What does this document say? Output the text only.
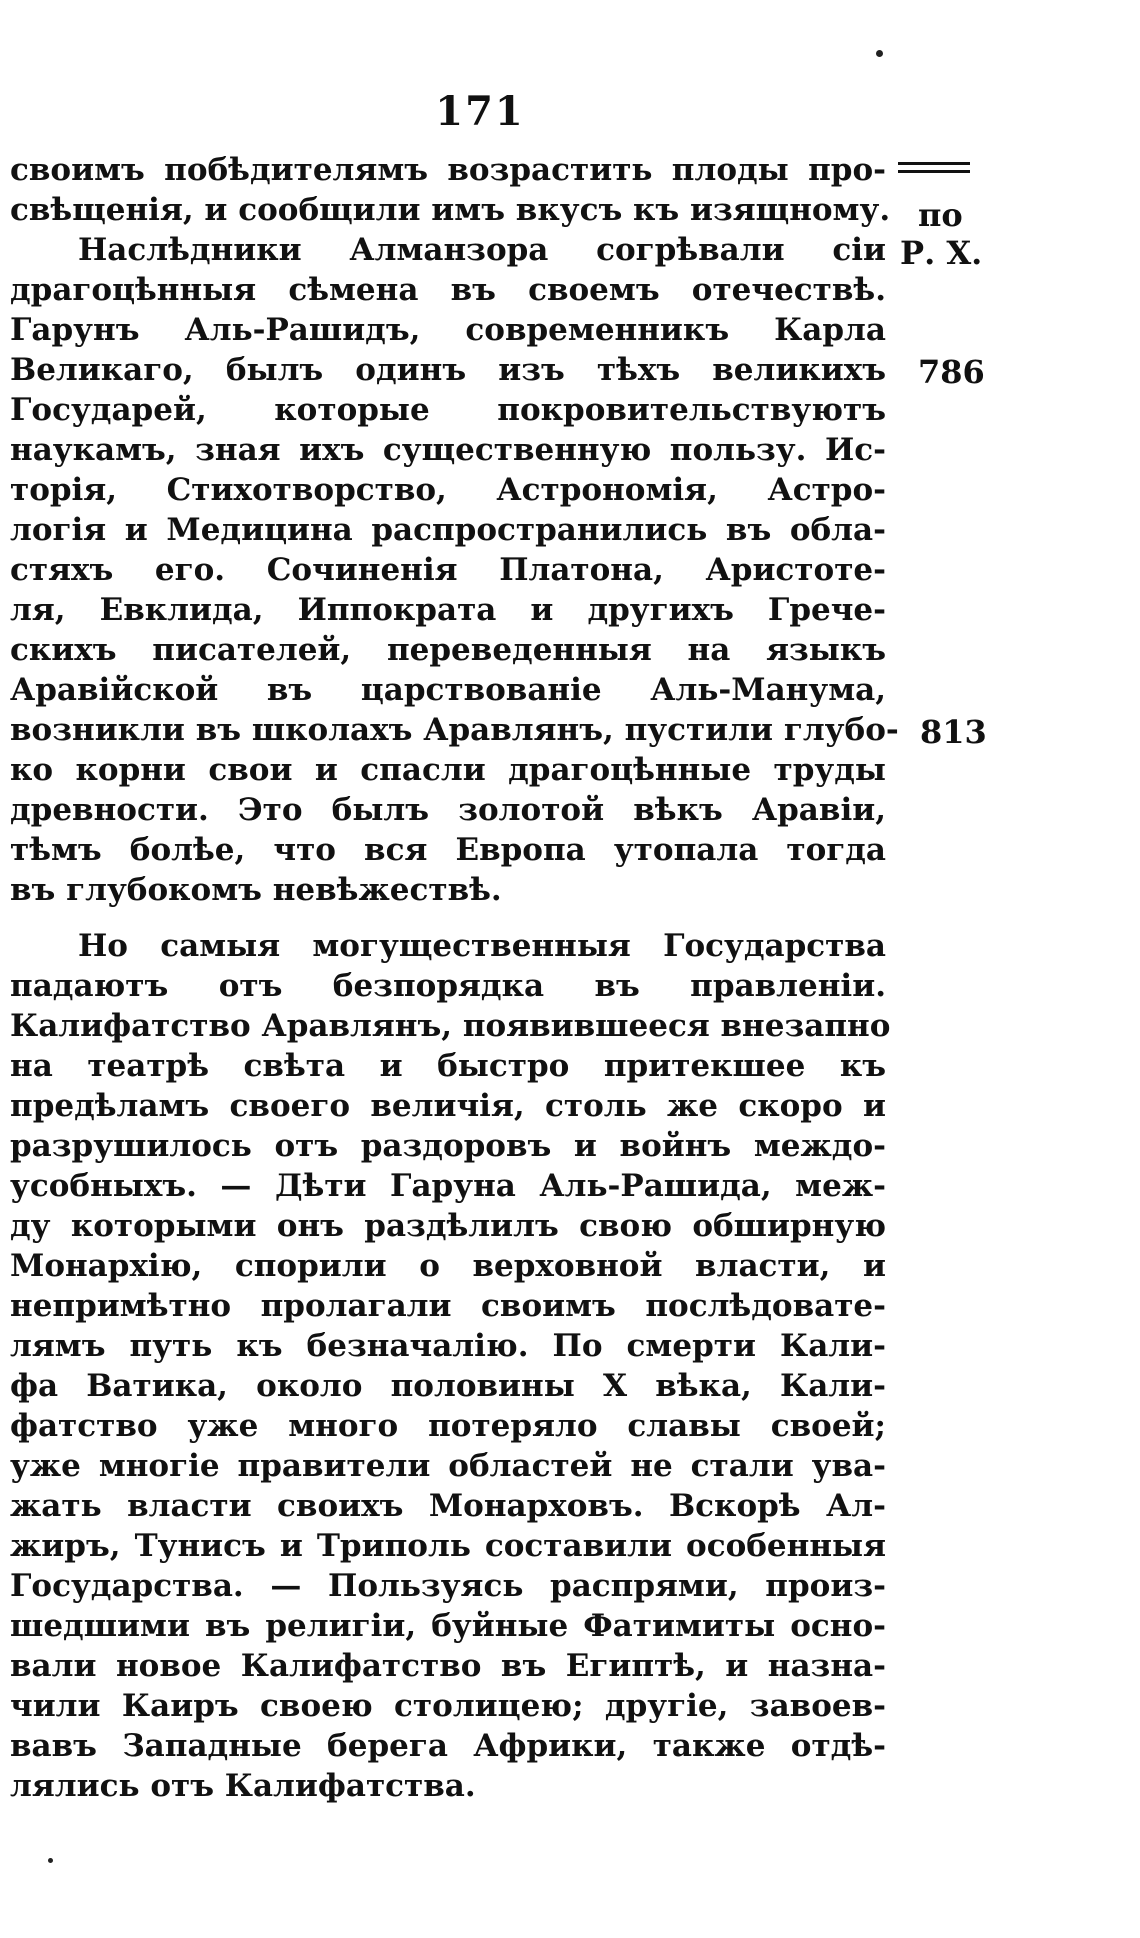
171
по
Р. Х.
786
813
своимъ побѣдителямъ возрастить плоды про-
свѣщенія, и сообщили имъ вкусъ къ изящному.
Наслѣдники Алманзора согрѣвали сіи
драгоцѣнныя сѣмена въ своемъ отечествѣ.
Гарунъ Аль-Рашидъ, современникъ Карла
Великаго, былъ одинъ изъ тѣхъ великихъ
Государей, которые покровительствуютъ
наукамъ, зная ихъ существенную пользу. Ис-
торія, Стихотворство, Астрономія, Астро-
логія и Медицина распространились въ обла-
стяхъ его. Сочиненія Платона, Аристоте-
ля, Евклида, Иппократа и другихъ Грече-
скихъ писателей, переведенныя на языкъ
Аравійской въ царствованіе Аль-Манума,
возникли въ школахъ Аравлянъ, пустили глубо-
ко корни свои и спасли драгоцѣнные труды
древности. Это былъ золотой вѣкъ Аравіи,
тѣмъ болѣе, что вся Европа утопала тогда
въ глубокомъ невѣжествѣ.
Но самыя могущественныя Государства
падаютъ отъ безпорядка въ правленіи.
Калифатство Аравлянъ, появившееся внезапно
на театрѣ свѣта и быстро притекшее къ
предѣламъ своего величія, столь же скоро и
разрушилось отъ раздоровъ и войнъ междо-
усобныхъ. — Дѣти Гаруна Аль-Рашида, меж-
ду которыми онъ раздѣлилъ свою обширную
Монархію, спорили о верховной власти, и
непримѣтно пролагали своимъ послѣдовате-
лямъ путь къ безначалію. По смерти Кали-
фа Ватика, около половины X вѣка, Кали-
фатство уже много потеряло славы своей;
уже многіе правители областей не стали ува-
жать власти своихъ Монарховъ. Вскорѣ Ал-
жиръ, Тунисъ и Триполь составили особенныя
Государства. — Пользуясь распрями, произ-
шедшими въ религіи, буйные Фатимиты осно-
вали новое Калифатство въ Египтѣ, и назна-
чили Каиръ своею столицею; другіе, завоев-
вавъ Западные берега Африки, также отдѣ-
лялись отъ Калифатства.
